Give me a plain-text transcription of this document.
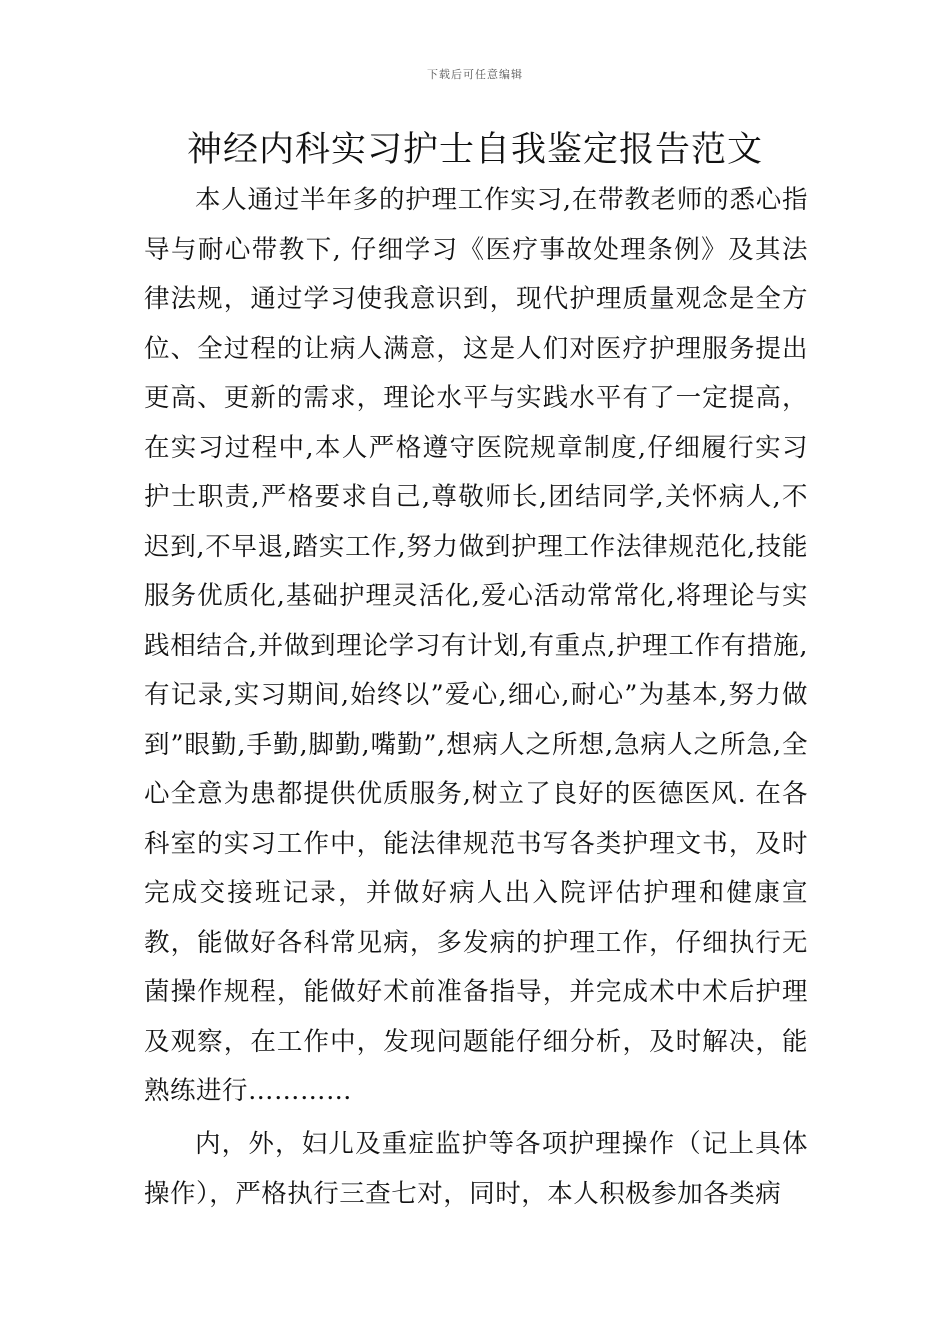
下载后可任意编辑
神经内科实习护士自我鉴定报告范文

本人通过半年多的护理工作实习,在带教老师的悉心指导与耐心带教下, 仔细学习《医疗事故处理条例》及其法律法规，通过学习使我意识到，现代护理质量观念是全方位、全过程的让病人满意，这是人们对医疗护理服务提出更高、更新的需求，理论水平与实践水平有了一定提高，在实习过程中,本人严格遵守医院规章制度,仔细履行实习护士职责,严格要求自己,尊敬师长,团结同学,关怀病人,不迟到,不早退,踏实工作,努力做到护理工作法律规范化,技能服务优质化,基础护理灵活化,爱心活动常常化,将理论与实践相结合,并做到理论学习有计划,有重点,护理工作有措施,有记录,实习期间,始终以”爱心,细心,耐心”为基本,努力做到”眼勤,手勤,脚勤,嘴勤”,想病人之所想,急病人之所急,全心全意为患都提供优质服务,树立了良好的医德医风. 在各科室的实习工作中，能法律规范书写各类护理文书，及时完成交接班记录，并做好病人出入院评估护理和健康宣教，能做好各科常见病，多发病的护理工作，仔细执行无菌操作规程，能做好术前准备指导，并完成术中术后护理及观察，在工作中，发现问题能仔细分析，及时解决，能熟练进行…………

内，外，妇儿及重症监护等各项护理操作（记上具体操作），严格执行三查七对，同时，本人积极参加各类病
